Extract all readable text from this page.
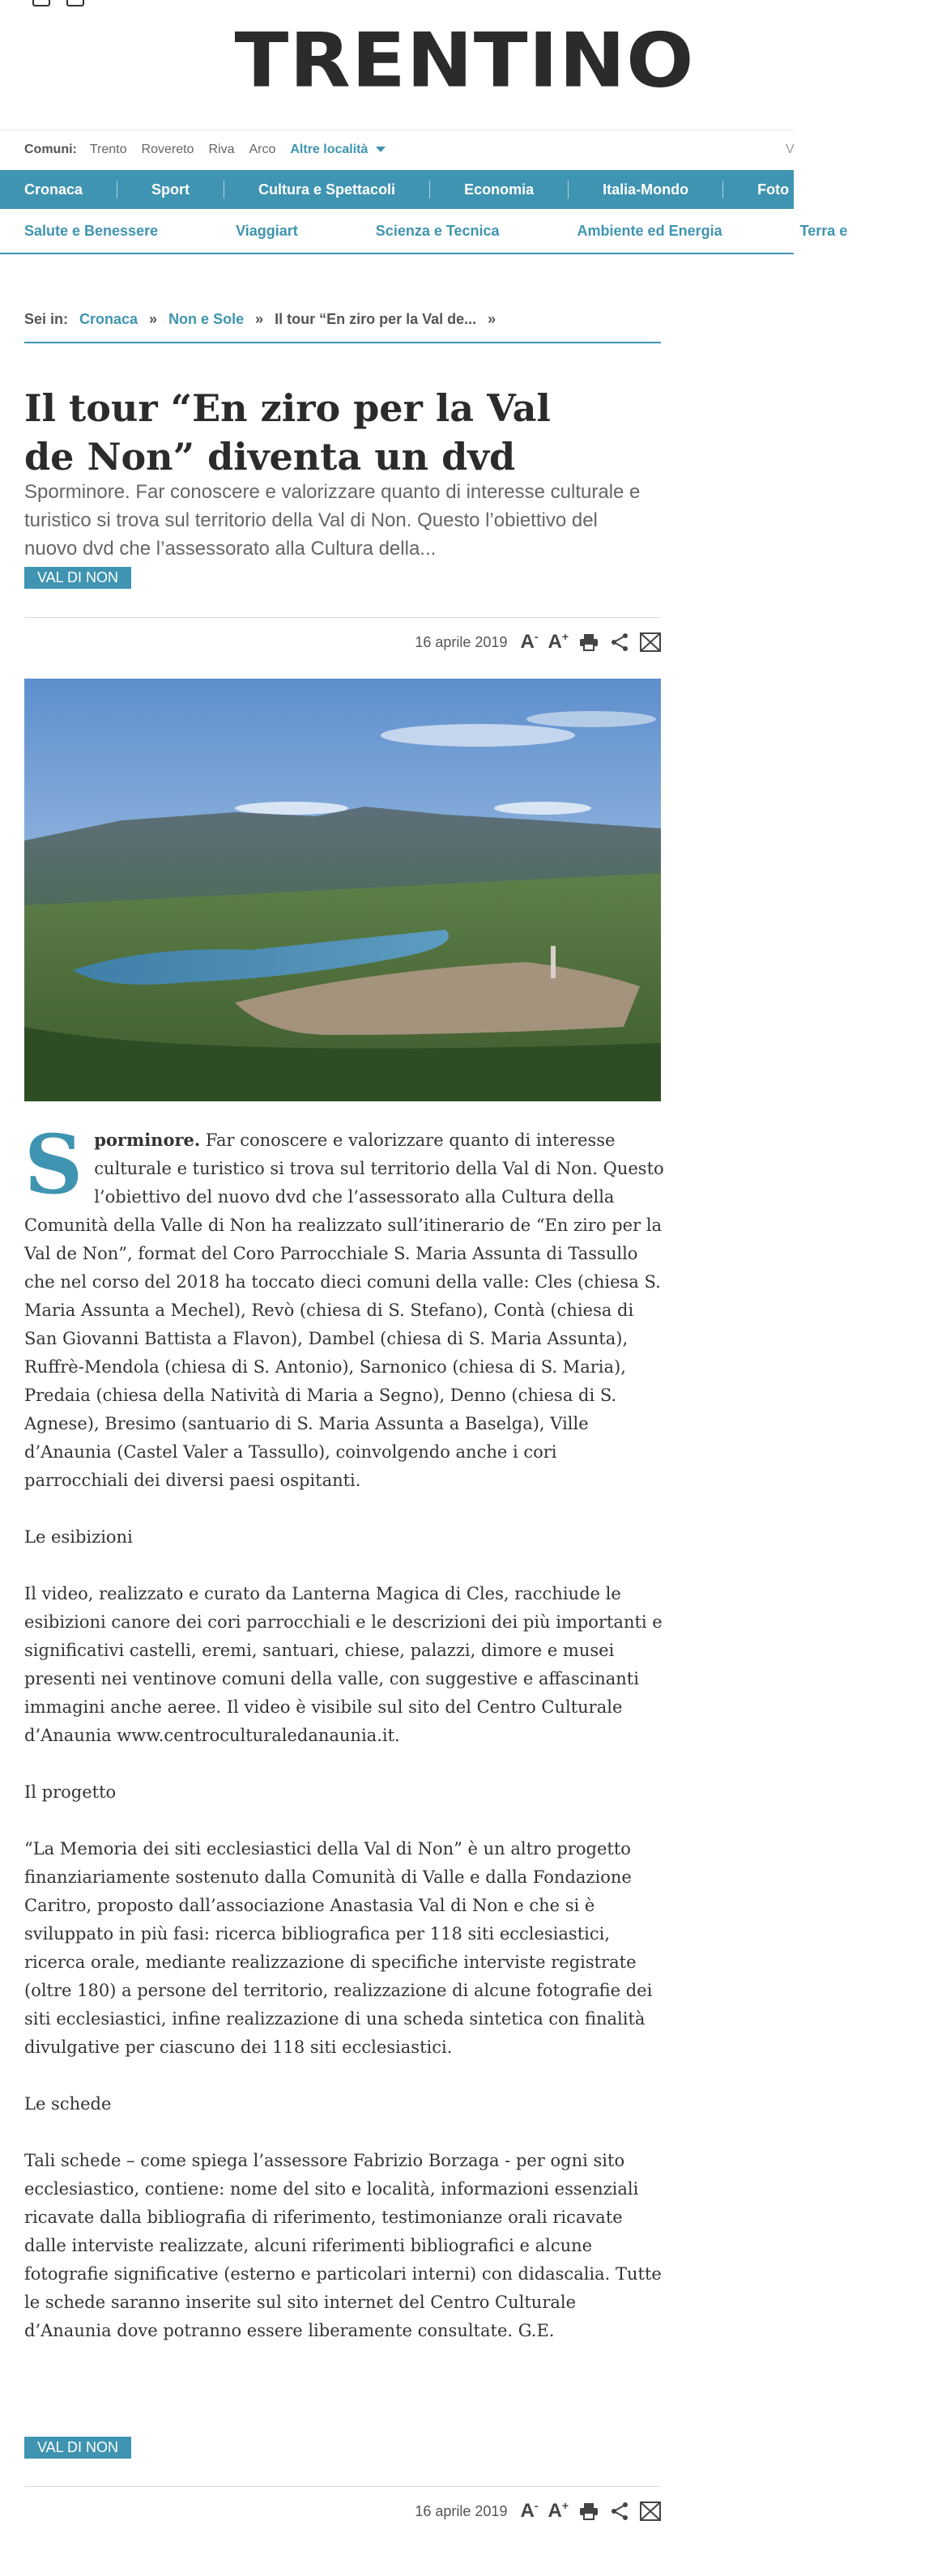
TRENTINO
Comuni: Trento Rovereto Riva Arco Altre località	V
Cronaca	Sport	Cultura e Spettacoli	Economia	Italia-Mondo	Foto	V
Salute e Benessere	Viaggiart	Scienza e Tecnica	Ambiente ed Energia	Terra e
Sei in: Cronaca » Non e Sole » Il tour “En ziro per la Val de... »
Il tour “En ziro per la Val de Non” diventa un dvd

Sporminore. Far conoscere e valorizzare quanto di interesse culturale e turistico si trova sul territorio della Val di Non. Questo l’obiettivo del nuovo dvd che l’assessorato alla Cultura della...

VAL DI NON
16 aprile 2019 A- A+

Sporminore. Far conoscere e valorizzare quanto di interesse culturale e turistico si trova sul territorio della Val di Non. Questo l’obiettivo del nuovo dvd che l’assessorato alla Cultura della Comunità della Valle di Non ha realizzato sull’itinerario de “En ziro per la Val de Non”, format del Coro Parrocchiale S. Maria Assunta di Tassullo che nel corso del 2018 ha toccato dieci comuni della valle: Cles (chiesa S. Maria Assunta a Mechel), Revò (chiesa di S. Stefano), Contà (chiesa di San Giovanni Battista a Flavon), Dambel (chiesa di S. Maria Assunta), Ruffrè-Mendola (chiesa di S. Antonio), Sarnonico (chiesa di S. Maria), Predaia (chiesa della Natività di Maria a Segno), Denno (chiesa di S. Agnese), Bresimo (santuario di S. Maria Assunta a Baselga), Ville d’Anaunia (Castel Valer a Tassullo), coinvolgendo anche i cori parrocchiali dei diversi paesi ospitanti.

Le esibizioni

Il video, realizzato e curato da Lanterna Magica di Cles, racchiude le esibizioni canore dei cori parrocchiali e le descrizioni dei più importanti e significativi castelli, eremi, santuari, chiese, palazzi, dimore e musei presenti nei ventinove comuni della valle, con suggestive e affascinanti immagini anche aeree. Il video è visibile sul sito del Centro Culturale d’Anaunia www.centroculturaledanaunia.it.

Il progetto

“La Memoria dei siti ecclesiastici della Val di Non” è un altro progetto finanziariamente sostenuto dalla Comunità di Valle e dalla Fondazione Caritro, proposto dall’associazione Anastasia Val di Non e che si è sviluppato in più fasi: ricerca bibliografica per 118 siti ecclesiastici, ricerca orale, mediante realizzazione di specifiche interviste registrate (oltre 180) a persone del territorio, realizzazione di alcune fotografie dei siti ecclesiastici, infine realizzazione di una scheda sintetica con finalità divulgative per ciascuno dei 118 siti ecclesiastici.

Le schede

Tali schede – come spiega l’assessore Fabrizio Borzaga - per ogni sito ecclesiastico, contiene: nome del sito e località, informazioni essenziali ricavate dalla bibliografia di riferimento, testimonianze orali ricavate dalle interviste realizzate, alcuni riferimenti bibliografici e alcune fotografie significative (esterno e particolari interni) con didascalia. Tutte le schede saranno inserite sul sito internet del Centro Culturale d’Anaunia dove potranno essere liberamente consultate. G.E.

VAL DI NON
16 aprile 2019 A- A+
